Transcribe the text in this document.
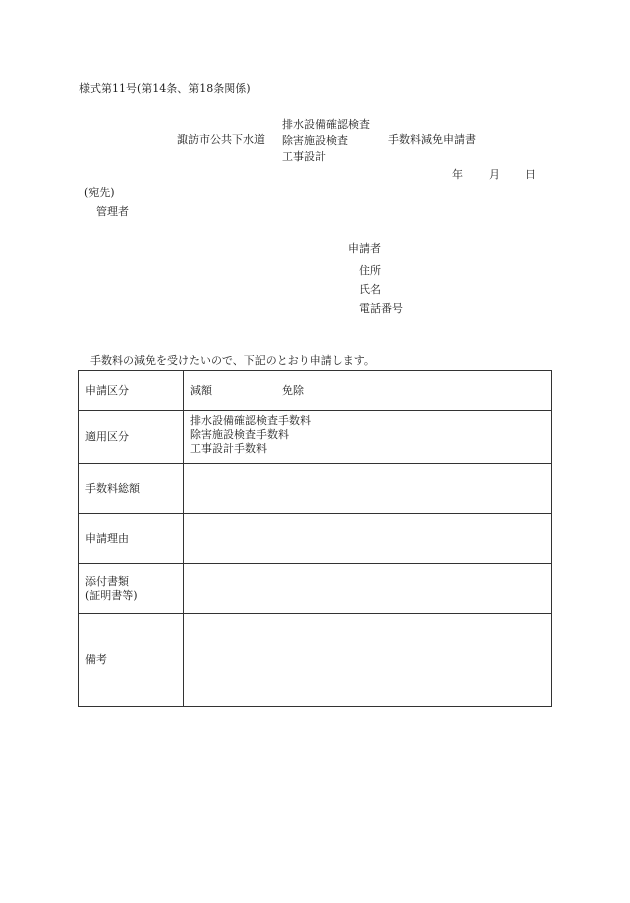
様式第11号(第14条、第18条関係)
諏訪市公共下水道
排水設備確認検査
除害施設検査
工事設計
手数料減免申請書
年 月 日
(宛先)
管理者
申請者
住所
氏名
電話番号
手数料の減免を受けたいので、下記のとおり申請します。
申請区分	減額 免除
適用区分	排水設備確認検査手数料
除害施設検査手数料
工事設計手数料

手数料総額	
申請理由	

添付書類
(証明書等)	

備考	
